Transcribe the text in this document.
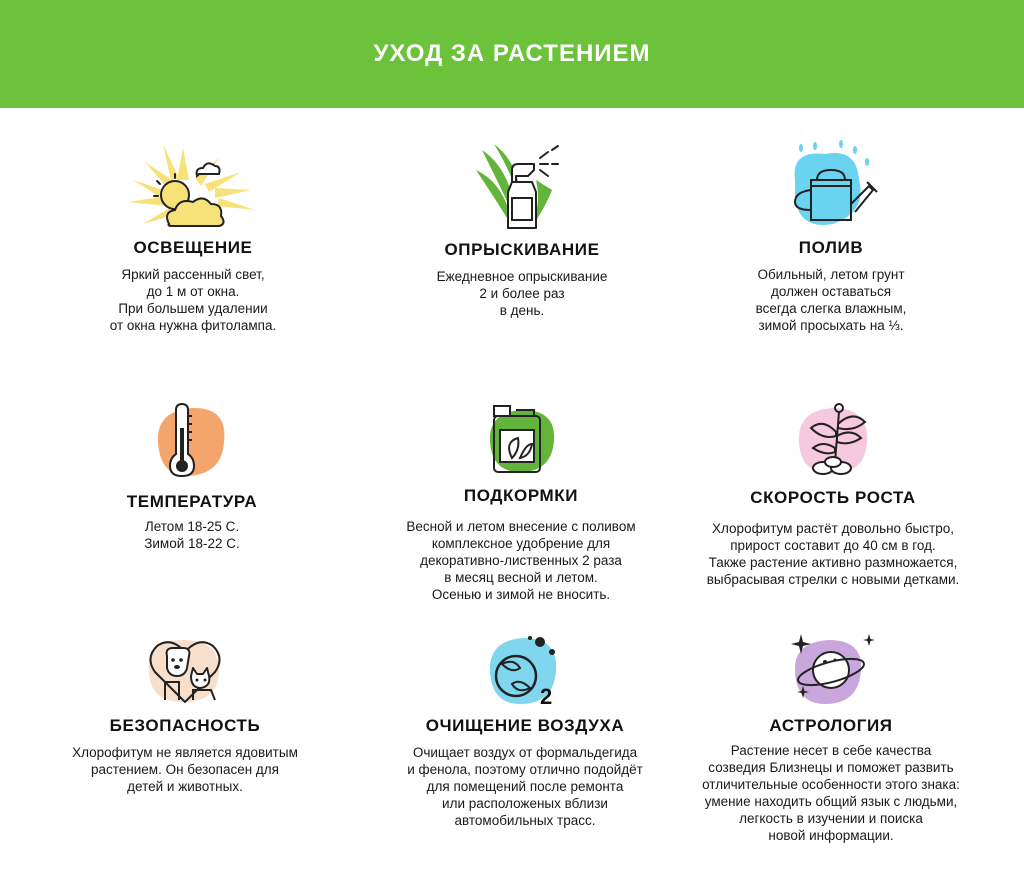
УХОД ЗА РАСТЕНИЕМ
ОСВЕЩЕНИЕ

Яркий рассенный свет,
до 1 м от окна.
При большем удалении
от окна нужна фитолампа.

ОПРЫСКИВАНИЕ

Ежедневное опрыскивание
2 и более раз
в день.

ПОЛИВ

Обильный, летом грунт
должен оставаться
всегда слегка влажным,
зимой просыхать на ⅓.

ТЕМПЕРАТУРА

Летом 18-25 С.
Зимой 18-22 С.

ПОДКОРМКИ

Весной и летом внесение с поливом
комплексное удобрение для
декоративно-лиственных 2 раза
в месяц весной и летом.
Осенью и зимой не вносить.

СКОРОСТЬ РОСТА

Хлорофитум растёт довольно быстро,
прирост составит до 40 см в год.
Также растение активно размножается,
выбрасывая стрелки с новыми детками.

БЕЗОПАСНОСТЬ

Хлорофитум не является ядовитым
растением. Он безопасен для
детей и животных.

2
ОЧИЩЕНИЕ ВОЗДУХА

Очищает воздух от формальдегида
и фенола, поэтому отлично подойдёт
для помещений после ремонта
или расположеных вблизи
автомобильных трасс.

АСТРОЛОГИЯ

Растение несет в себе качества
созведия Близнецы и поможет развить
отличительные особенности этого знака:
умение находить общий язык с людьми,
легкость в изучении и поиска
новой информации.
